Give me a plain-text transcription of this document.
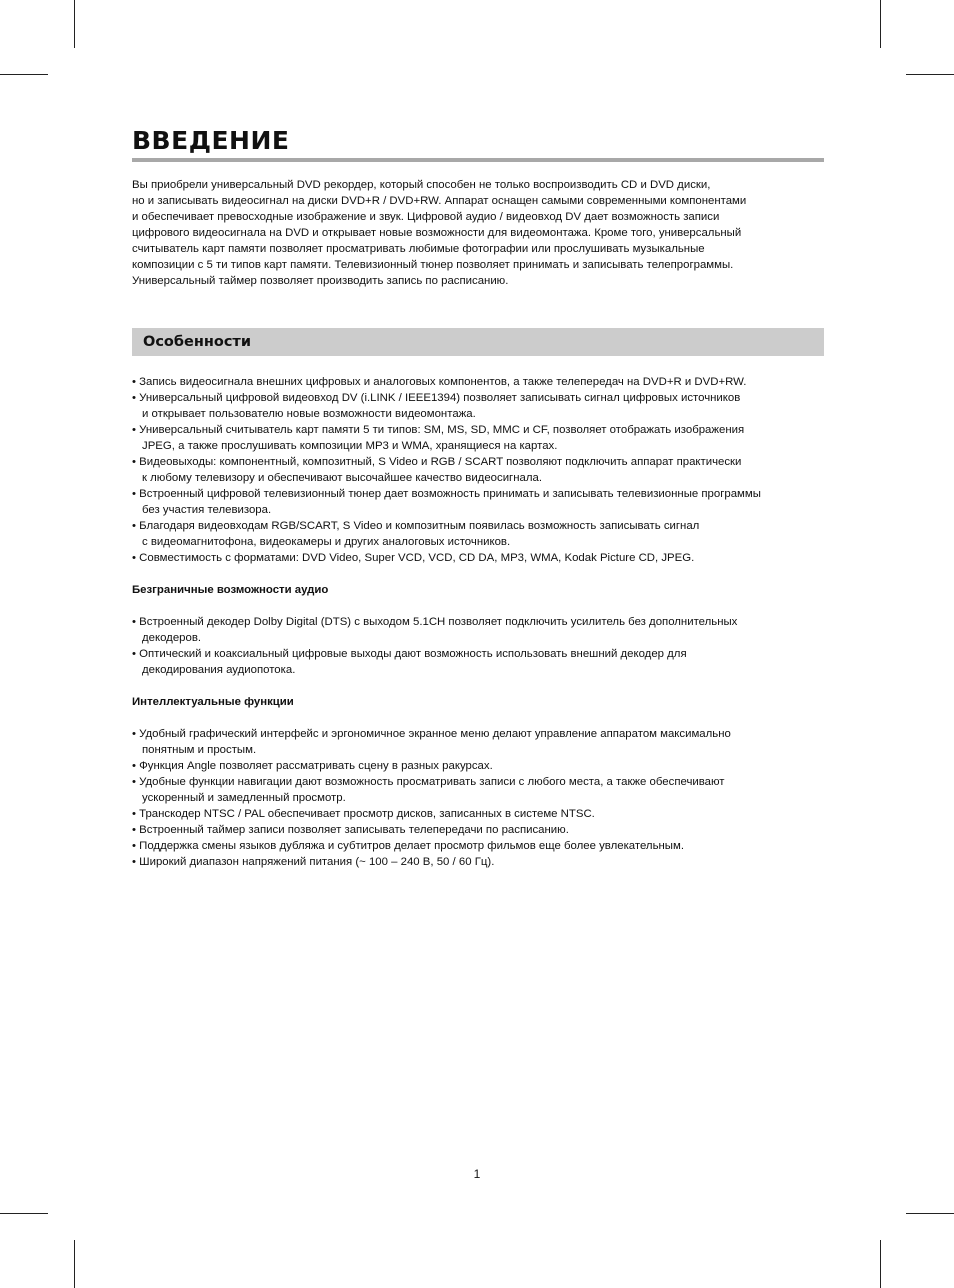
ВВЕДЕНИЕ
Вы приобрели универсальный DVD рекордер, который способен не только воспроизводить CD и DVD диски,
но и записывать видеосигнал на диски DVD+R / DVD+RW. Аппарат оснащен самыми современными компонентами
и обеспечивает превосходные изображение и звук. Цифровой аудио / видеовход DV дает возможность записи
цифрового видеосигнала на DVD и открывает новые возможности для видеомонтажа. Кроме того, универсальный
считыватель карт памяти позволяет просматривать любимые фотографии или прослушивать музыкальные
композиции с 5 ти типов карт памяти. Телевизионный тюнер позволяет принимать и записывать телепрограммы.
Универсальный таймер позволяет производить запись по расписанию.
Особенности
• Запись видеосигнала внешних цифровых и аналоговых компонентов, а также телепередач на DVD+R и DVD+RW.
• Универсальный цифровой видеовход DV (i.LINK / IEEE1394) позволяет записывать сигнал цифровых источников
и открывает пользователю новые возможности видеомонтажа.
• Универсальный считыватель карт памяти 5 ти типов: SM, MS, SD, MMC и CF, позволяет отображать изображения
JPEG, а также прослушивать композиции MP3 и WMA, хранящиеся на картах.
• Видеовыходы: компонентный, композитный, S Video и RGB / SCART позволяют подключить аппарат практически
к любому телевизору и обеспечивают высочайшее качество видеосигнала.
• Встроенный цифровой телевизионный тюнер дает возможность принимать и записывать телевизионные программы
без участия телевизора.
• Благодаря видеовходам RGB/SCART, S Video и композитным появилась возможность записывать сигнал
с видеомагнитофона, видеокамеры и других аналоговых источников.
• Совместимость с форматами: DVD Video, Super VCD, VCD, CD DA, MP3, WMA, Kodak Picture CD, JPEG.
Безграничные возможности аудио
• Встроенный декодер Dolby Digital (DTS) с выходом 5.1CH позволяет подключить усилитель без дополнительных
декодеров.
• Оптический и коаксиальный цифровые выходы дают возможность использовать внешний декодер для
декодирования аудиопотока.
Интеллектуальные функции
• Удобный графический интерфейс и эргономичное экранное меню делают управление аппаратом максимально
понятным и простым.
• Функция Angle позволяет рассматривать сцену в разных ракурсах.
• Удобные функции навигации дают возможность просматривать записи с любого места, а также обеспечивают
ускоренный и замедленный просмотр.
• Транскодер NTSC / PAL обеспечивает просмотр дисков, записанных в системе NTSC.
• Встроенный таймер записи позволяет записывать телепередачи по расписанию.
• Поддержка смены языков дубляжа и субтитров делает просмотр фильмов еще более увлекательным.
• Широкий диапазон напряжений питания (~ 100 – 240 В, 50 / 60 Гц).
1
